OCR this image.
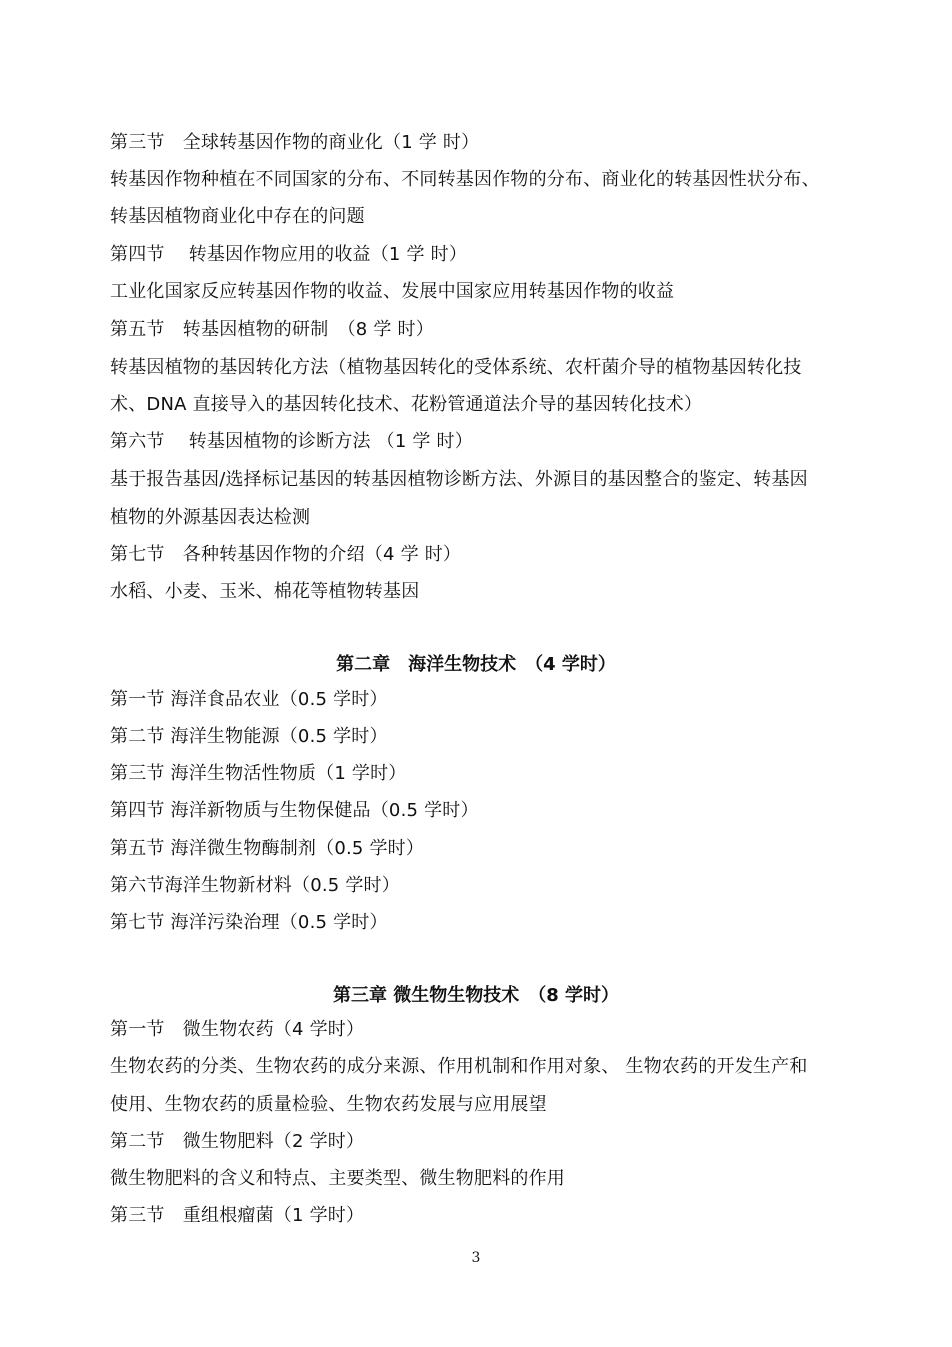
第三节　全球转基因作物的商业化（1 学 时）
转基因作物种植在不同国家的分布、不同转基因作物的分布、商业化的转基因性状分布、
转基因植物商业化中存在的问题
第四节　 转基因作物应用的收益（1 学 时）
工业化国家反应转基因作物的收益、发展中国家应用转基因作物的收益
第五节　转基因植物的研制　（8 学 时）
转基因植物的基因转化方法（植物基因转化的受体系统、农杆菌介导的植物基因转化技
术、DNA 直接导入的基因转化技术、花粉管通道法介导的基因转化技术）
第六节　 转基因植物的诊断方法 （1 学 时）
基于报告基因/选择标记基因的转基因植物诊断方法、外源目的基因整合的鉴定、转基因
植物的外源基因表达检测
第七节　各种转基因作物的介绍（4 学 时）
水稻、小麦、玉米、棉花等植物转基因
第二章　海洋生物技术　（4 学时）
第一节 海洋食品农业（0.5 学时）
第二节 海洋生物能源（0.5 学时）
第三节 海洋生物活性物质（1 学时）
第四节 海洋新物质与生物保健品（0.5 学时）
第五节 海洋微生物酶制剂（0.5 学时）
第六节海洋生物新材料（0.5 学时）
第七节 海洋污染治理（0.5 学时）
第三章 微生物生物技术　（8 学时）
第一节　微生物农药（4 学时）
生物农药的分类、生物农药的成分来源、作用机制和作用对象、 生物农药的开发生产和
使用、生物农药的质量检验、生物农药发展与应用展望
第二节　微生物肥料（2 学时）
微生物肥料的含义和特点、主要类型、微生物肥料的作用
第三节　重组根瘤菌（1 学时）
3
